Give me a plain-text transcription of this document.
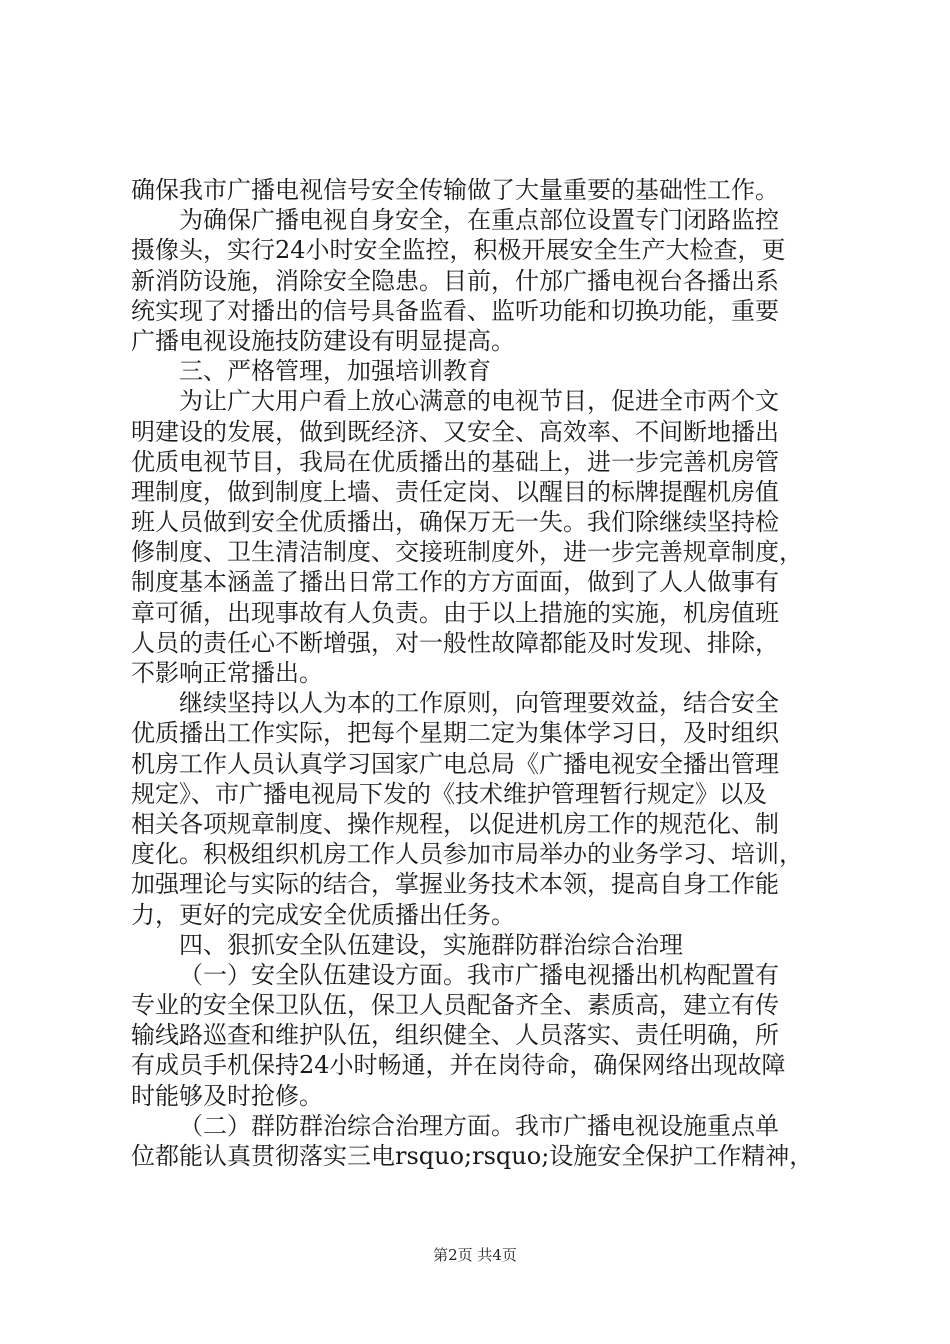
确保我市广播电视信号安全传输做了大量重要的基础性工作。
为确保广播电视自身安全，在重点部位设置专门闭路监控
摄像头，实行24小时安全监控，积极开展安全生产大检查，更
新消防设施，消除安全隐患。目前，什邡广播电视台各播出系
统实现了对播出的信号具备监看、监听功能和切换功能，重要
广播电视设施技防建设有明显提高。
三、严格管理，加强培训教育
为让广大用户看上放心满意的电视节目，促进全市两个文
明建设的发展，做到既经济、又安全、高效率、不间断地播出
优质电视节目，我局在优质播出的基础上，进一步完善机房管
理制度，做到制度上墙、责任定岗、以醒目的标牌提醒机房值
班人员做到安全优质播出，确保万无一失。我们除继续坚持检
修制度、卫生清洁制度、交接班制度外，进一步完善规章制度，
制度基本涵盖了播出日常工作的方方面面，做到了人人做事有
章可循，出现事故有人负责。由于以上措施的实施，机房值班
人员的责任心不断增强，对一般性故障都能及时发现、排除，
不影响正常播出。
继续坚持以人为本的工作原则，向管理要效益，结合安全
优质播出工作实际，把每个星期二定为集体学习日，及时组织
机房工作人员认真学习国家广电总局《广播电视安全播出管理
规定》、市广播电视局下发的《技术维护管理暂行规定》以及
相关各项规章制度、操作规程，以促进机房工作的规范化、制
度化。积极组织机房工作人员参加市局举办的业务学习、培训，
加强理论与实际的结合，掌握业务技术本领，提高自身工作能
力，更好的完成安全优质播出任务。
四、狠抓安全队伍建设，实施群防群治综合治理
（一）安全队伍建设方面。我市广播电视播出机构配置有
专业的安全保卫队伍，保卫人员配备齐全、素质高，建立有传
输线路巡查和维护队伍，组织健全、人员落实、责任明确，所
有成员手机保持24小时畅通，并在岗待命，确保网络出现故障
时能够及时抢修。
（二）群防群治综合治理方面。我市广播电视设施重点单
位都能认真贯彻落实三电rsquo;rsquo;设施安全保护工作精神，
第2页 共4页
